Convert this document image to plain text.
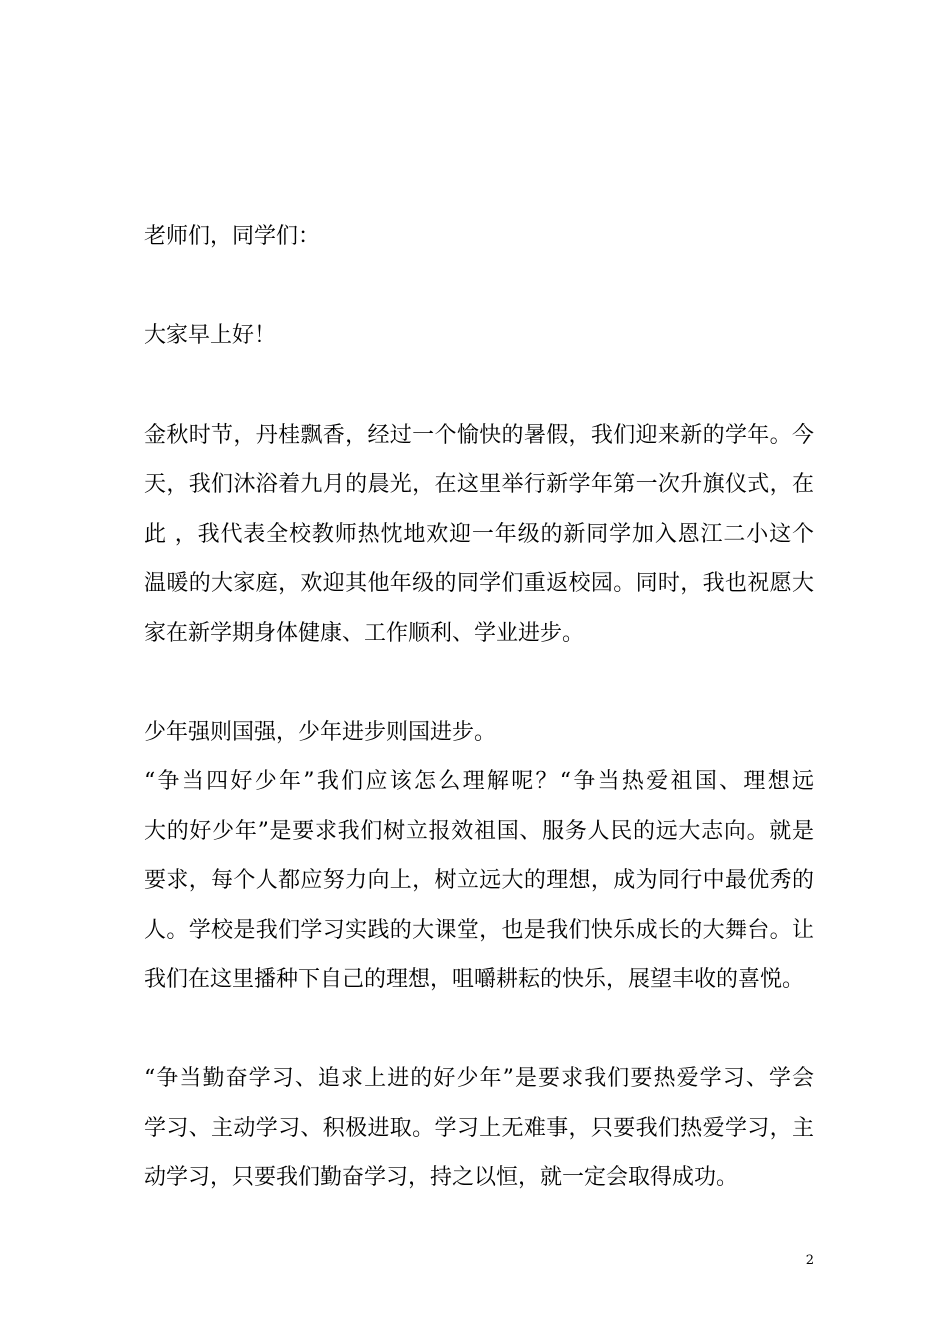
老师们，同学们：
大家早上好！
金秋时节，丹桂飘香，经过一个愉快的暑假，我们迎来新的学年。今
天，我们沐浴着九月的晨光，在这里举行新学年第一次升旗仪式，在
此 ，我代表全校教师热忱地欢迎一年级的新同学加入恩江二小这个
温暖的大家庭，欢迎其他年级的同学们重返校园。同时，我也祝愿大
家在新学期身体健康、工作顺利、学业进步。
少年强则国强，少年进步则国进步。
“争当四好少年”我们应该怎么理解呢？“争当热爱祖国、理想远
大的好少年”是要求我们树立报效祖国、服务人民的远大志向。就是
要求，每个人都应努力向上，树立远大的理想，成为同行中最优秀的
人。学校是我们学习实践的大课堂，也是我们快乐成长的大舞台。让
我们在这里播种下自己的理想，咀嚼耕耘的快乐，展望丰收的喜悦。
“争当勤奋学习、追求上进的好少年”是要求我们要热爱学习、学会
学习、主动学习、积极进取。学习上无难事，只要我们热爱学习，主
动学习，只要我们勤奋学习，持之以恒，就一定会取得成功。
2
